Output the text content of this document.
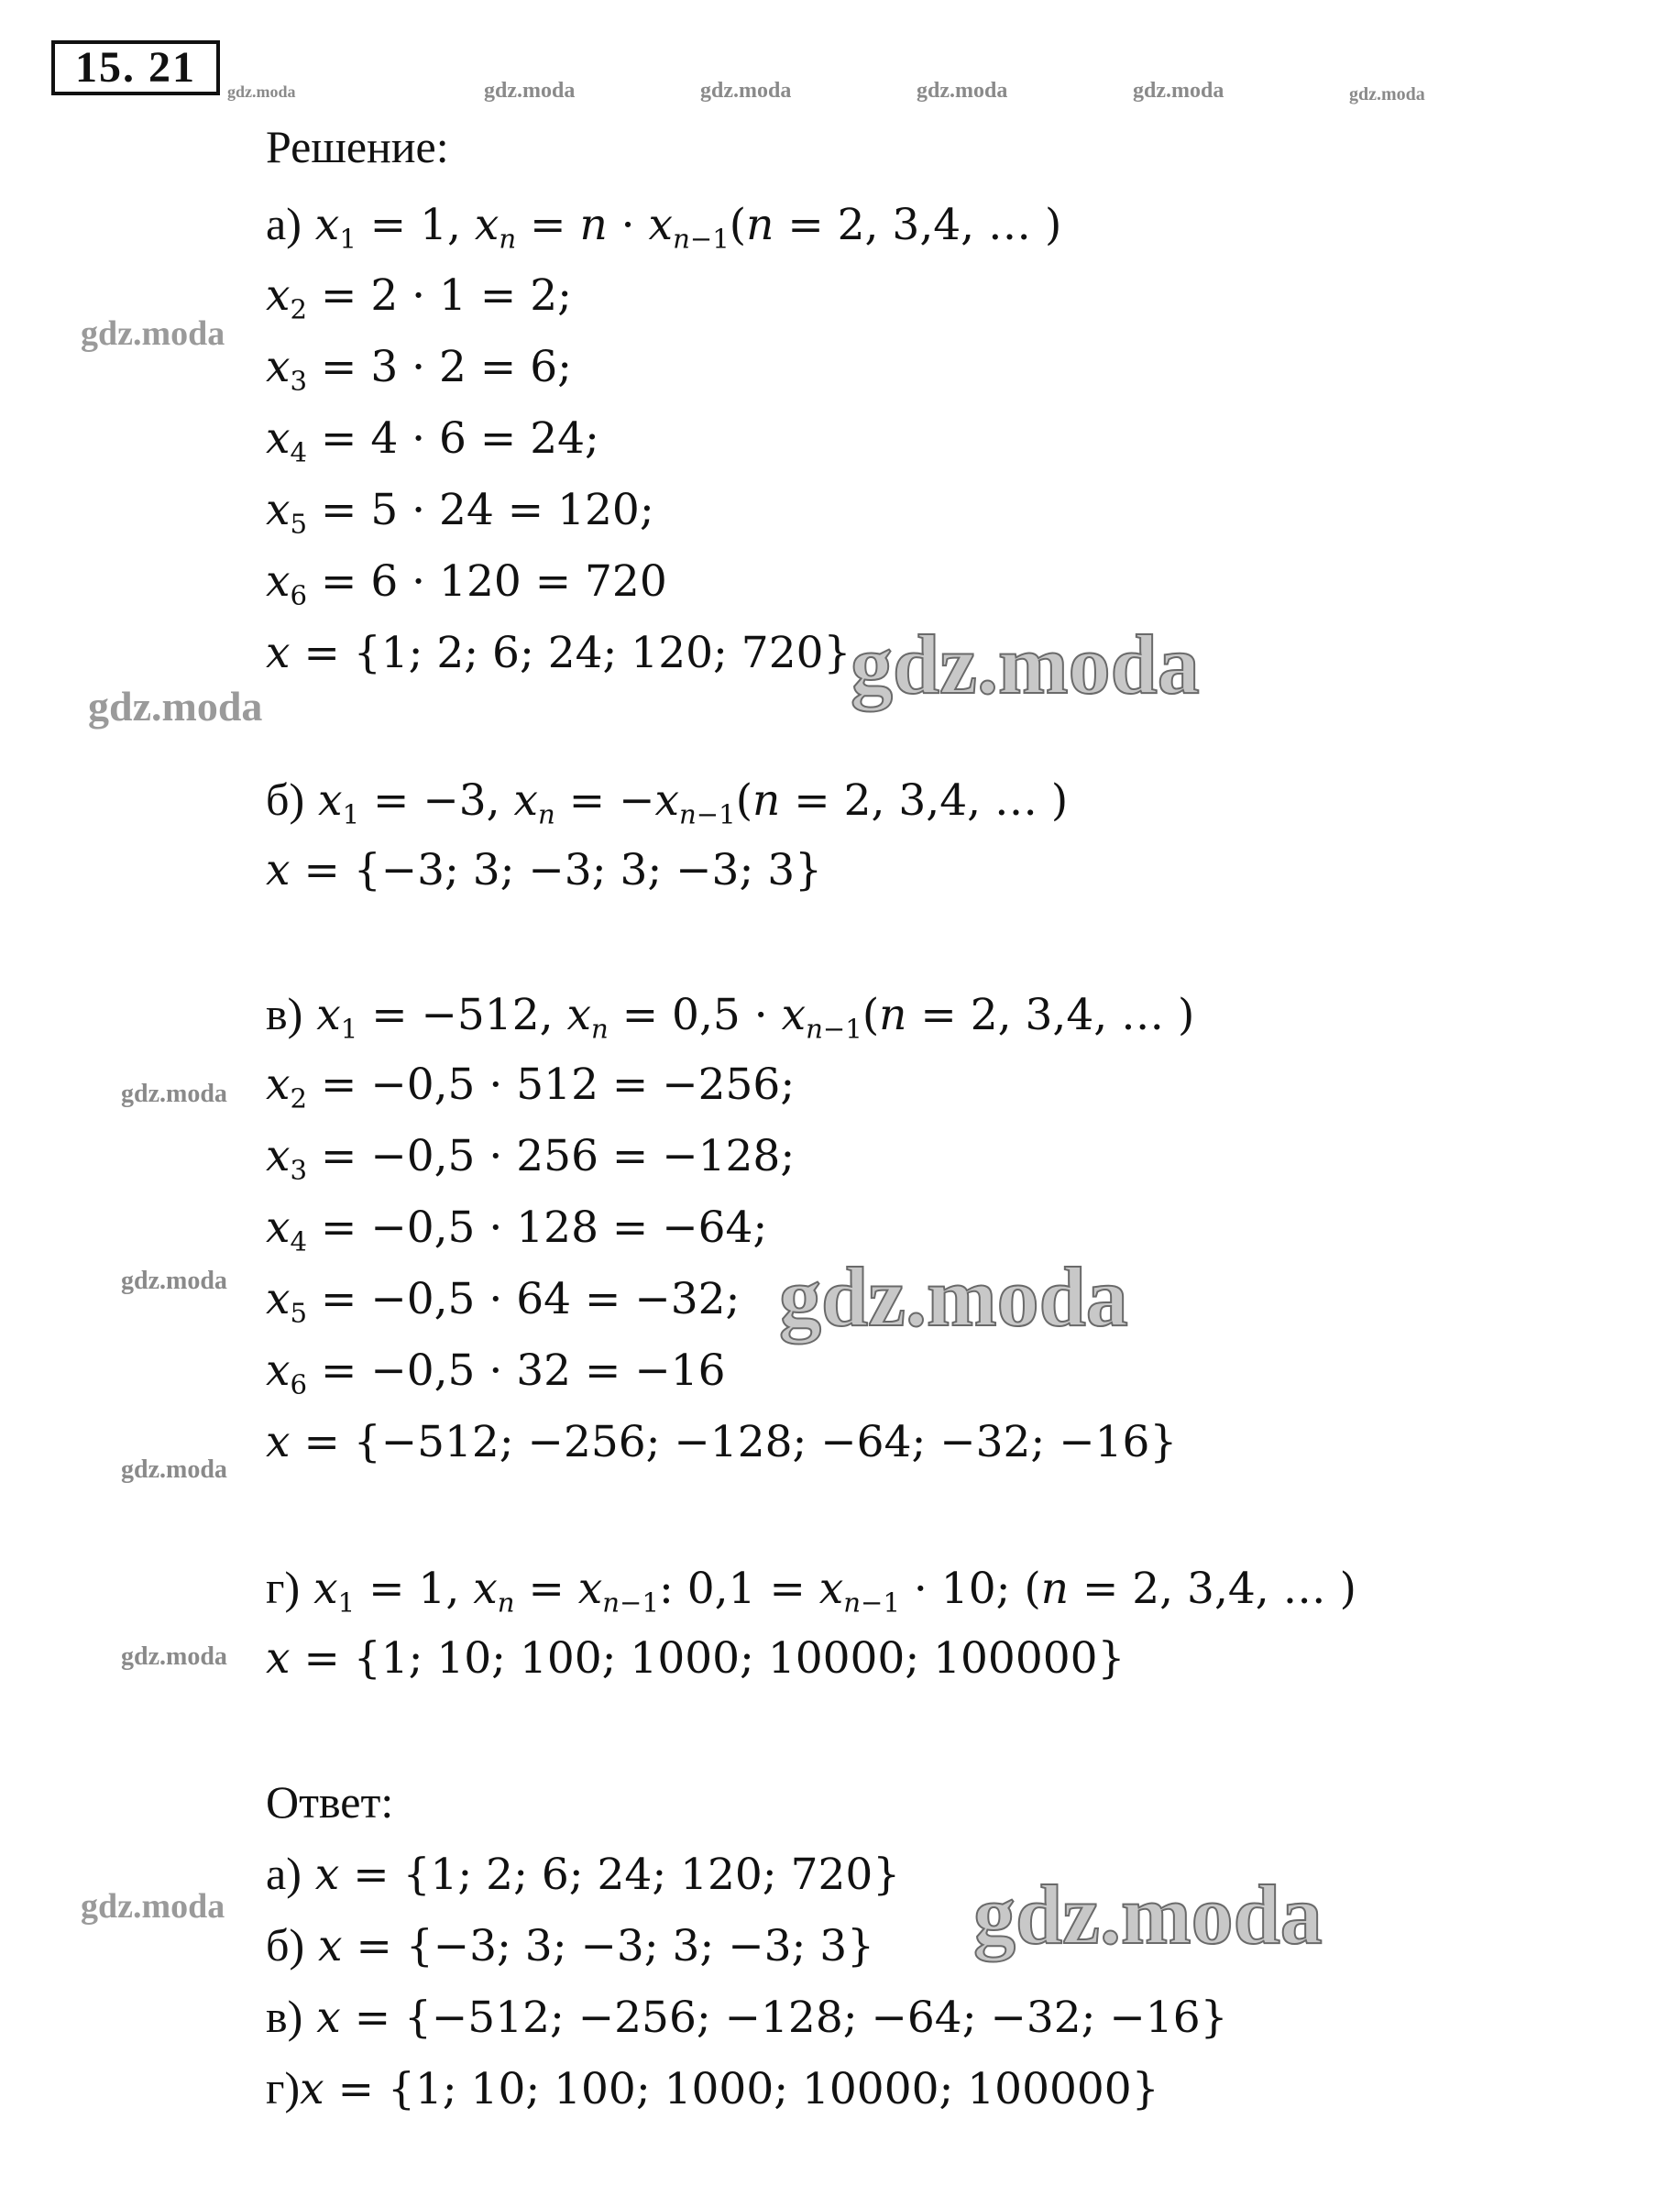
15. 21	gdz.moda	gdz.moda	gdz.moda	gdz.moda	gdz.moda	gdz.moda
gdz.moda
gdz.moda
gdz.moda
gdz.moda
gdz.moda
gdz.moda
gdz.moda
gdz.moda
gdz.moda
gdz.moda
Решение:
а) $x_1 = 1$, $x_n = n \cdot x_{n-1}(n = 2$, 3,4, … )
$x_2 = 2 \cdot 1 = 2$;
$x_3 = 3 \cdot 2 = 6$;
$x_4 = 4 \cdot 6 = 24$;
$x_5 = 5 \cdot 24 = 120$;
$x_6 = 6 \cdot 120 = 720$
x = {1; 2; 6; 24; 120; 720}
б) $x_1 = -3$, $x_n = -x_{n-1}(n = 2$, 3,4, … )
x = {−3; 3; −3; 3; −3; 3}
в) $x_1 = -512$, $x_n = 0,5 \cdot x_{n-1}(n = 2$, 3,4, … )
$x_2 = -0,5 \cdot 512 = -256$;
$x_3 = -0,5 \cdot 256 = -128$;
$x_4 = -0,5 \cdot 128 = -64$;
$x_5 = -0,5 \cdot 64 = -32$;
$x_6 = -0,5 \cdot 32 = -16$
x = {−512; −256; −128; −64; −32; −16}
г) $x_1 = 1$, $x_n = x_{n-1}$: $0,1 = x_{n-1} \cdot 10$; (n = 2, 3,4, … )
x = {1; 10; 100; 1000; 10000; 100000}
Ответ:
а) x = {1; 2; 6; 24; 120; 720}
б) x = {−3; 3; −3; 3; −3; 3}
в) x = {−512; −256; −128; −64; −32; −16}
г)x = {1; 10; 100; 1000; 10000; 100000}
